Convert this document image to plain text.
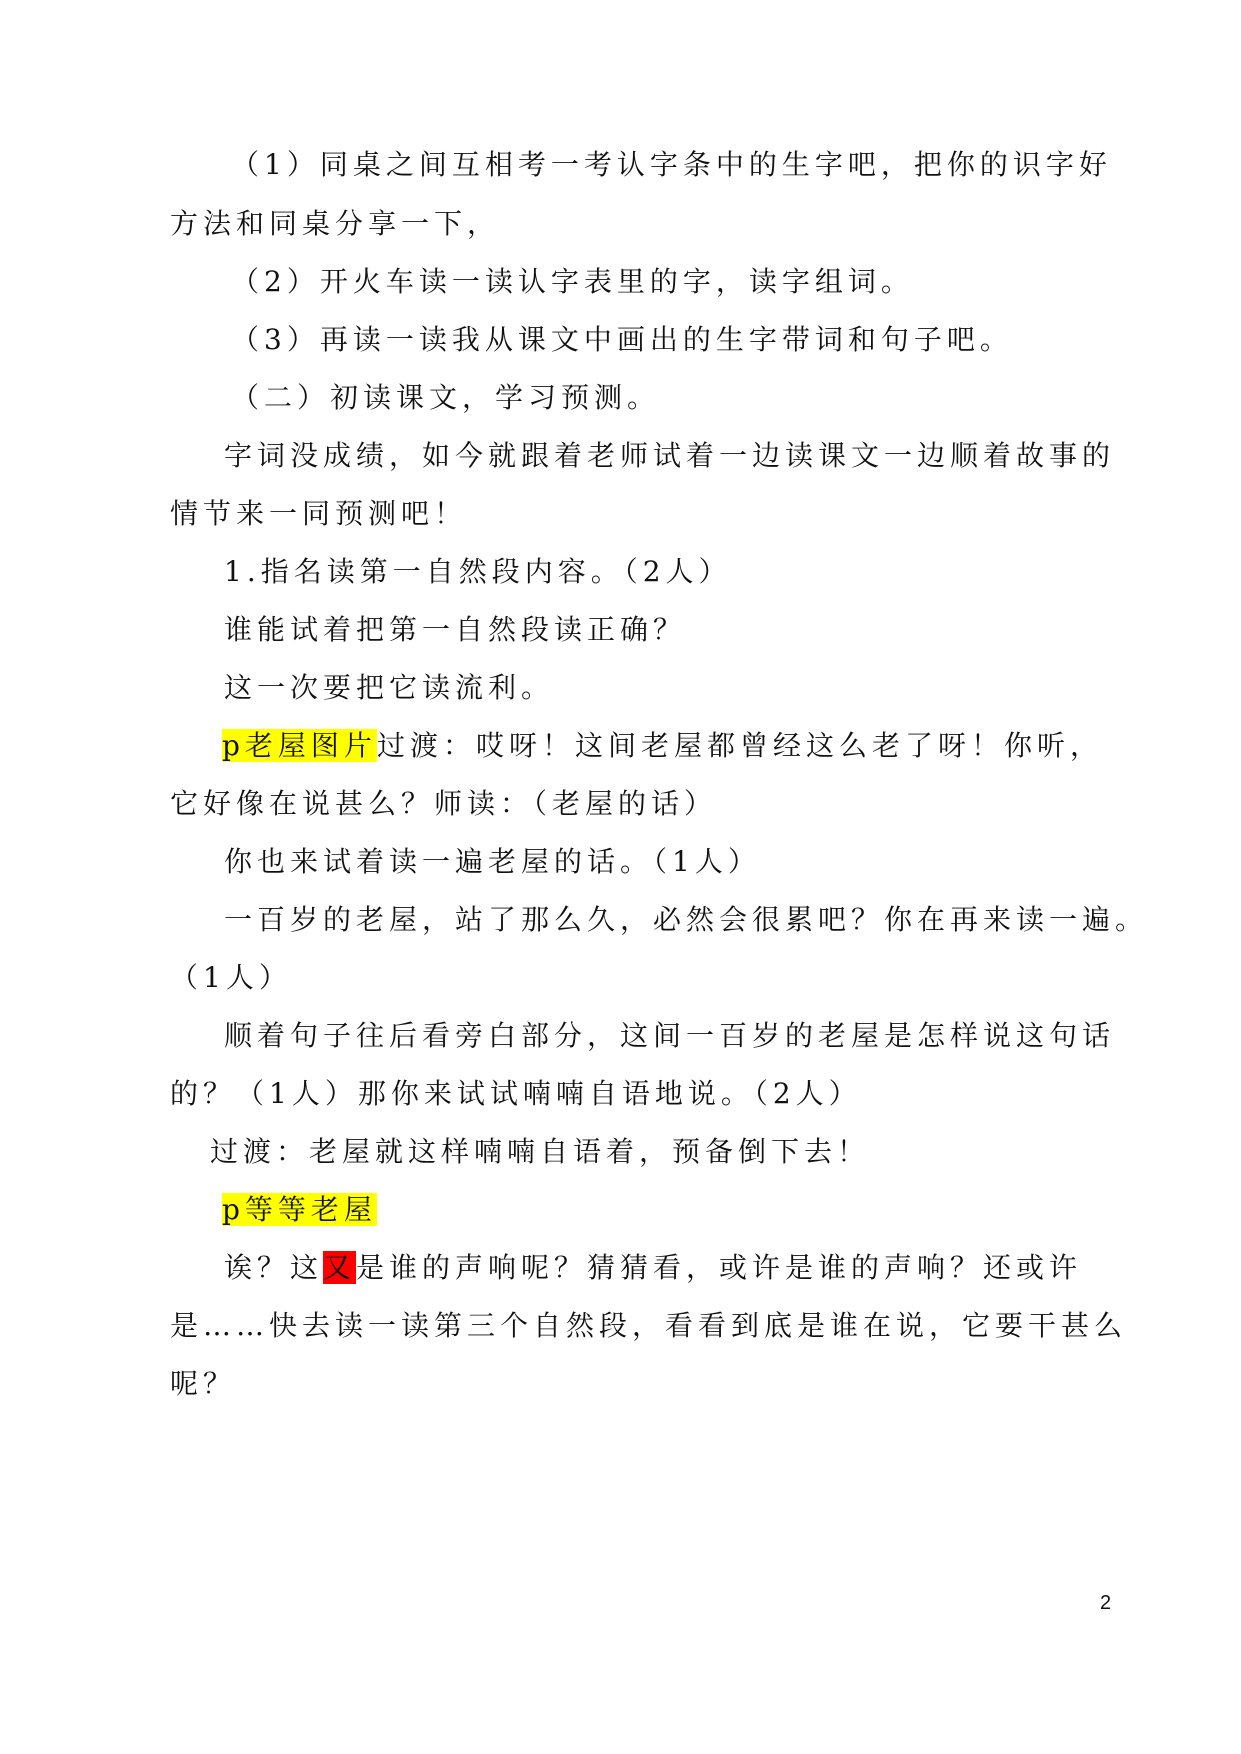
（1）同桌之间互相考一考认字条中的生字吧，把你的识字好
方法和同桌分享一下，
（2）开火车读一读认字表里的字，读字组词。
（3）再读一读我从课文中画出的生字带词和句子吧。
（二）初读课文，学习预测。
字词没成绩，如今就跟着老师试着一边读课文一边顺着故事的
情节来一同预测吧！
1.指名读第一自然段内容。（2人）
谁能试着把第一自然段读正确？
这一次要把它读流利。
p老屋图片过渡：哎呀！这间老屋都曾经这么老了呀！你听，
它好像在说甚么？师读：（老屋的话）
你也来试着读一遍老屋的话。（1人）
一百岁的老屋，站了那么久，必然会很累吧？你在再来读一遍。
（1人）
顺着句子往后看旁白部分，这间一百岁的老屋是怎样说这句话
的？（1人）那你来试试喃喃自语地说。（2人）
过渡：老屋就这样喃喃自语着，预备倒下去！
p等等老屋
诶？这又是谁的声响呢？猜猜看，或许是谁的声响？还或许
是……快去读一读第三个自然段，看看到底是谁在说，它要干甚么
呢？
2
